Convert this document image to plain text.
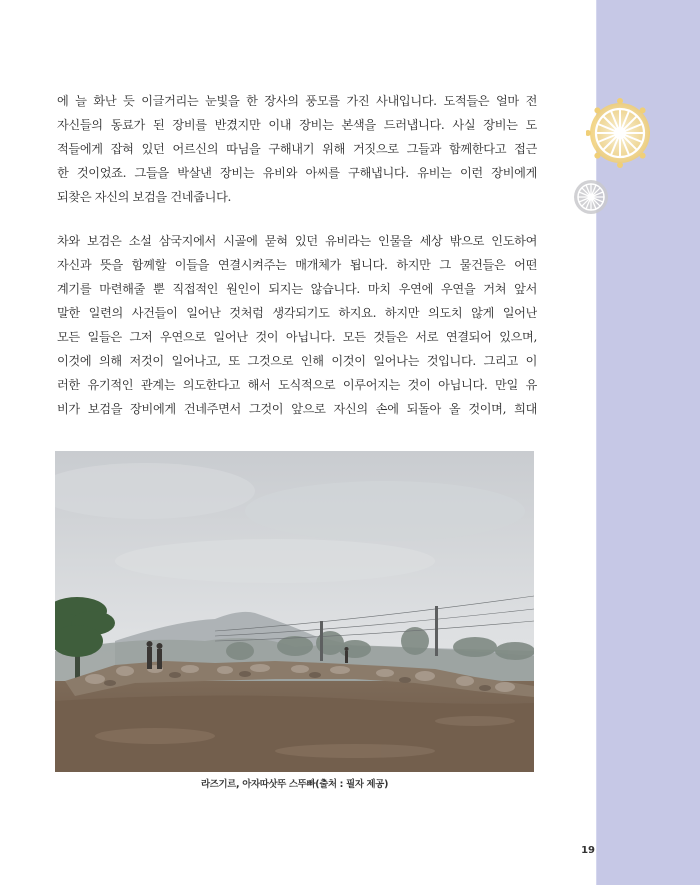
에 늘 화난 듯 이글거리는 눈빛을 한 장사의 풍모를 가진 사내입니다. 도적들은 얼마 전
자신들의 동료가 된 장비를 반겼지만 이내 장비는 본색을 드러냅니다. 사실 장비는 도
적들에게 잡혀 있던 어르신의 따님을 구해내기 위해 거짓으로 그들과 함께한다고 접근
한 것이었죠. 그들을 박살낸 장비는 유비와 아씨를 구해냅니다. 유비는 이런 장비에게
되찾은 자신의 보검을 건네줍니다.
차와 보검은 소설 삼국지에서 시골에 묻혀 있던 유비라는 인물을 세상 밖으로 인도하여
자신과 뜻을 함께할 이들을 연결시켜주는 매개체가 됩니다. 하지만 그 물건들은 어떤
계기를 마련해줄 뿐 직접적인 원인이 되지는 않습니다. 마치 우연에 우연을 거쳐 앞서
말한 일련의 사건들이 일어난 것처럼 생각되기도 하지요. 하지만 의도치 않게 일어난
모든 일들은 그저 우연으로 일어난 것이 아닙니다. 모든 것들은 서로 연결되어 있으며,
이것에 의해 저것이 일어나고, 또 그것으로 인해 이것이 일어나는 것입니다. 그리고 이
러한 유기적인 관계는 의도한다고 해서 도식적으로 이루어지는 것이 아닙니다. 만일 유
비가 보검을 장비에게 건네주면서 그것이 앞으로 자신의 손에 되돌아 올 것이며, 희대
라즈기르, 아자따삿뚜 스뚜빠(출처 : 필자 제공)
19
